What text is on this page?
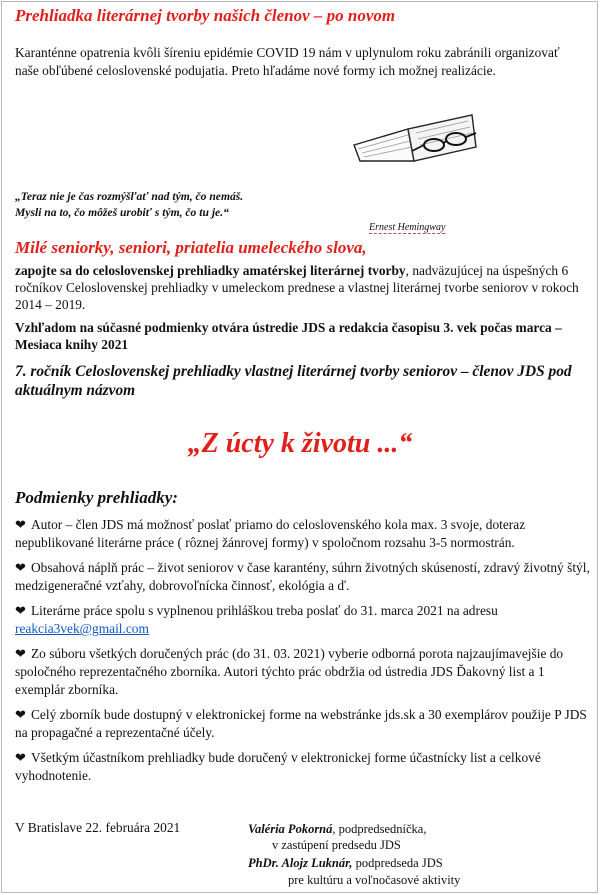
Prehliadka literárnej tvorby našich členov – po novom
Karanténne opatrenia kvôli šíreniu epidémie COVID 19 nám v uplynulom roku zabránili organizovať naše obľúbené celoslovenské podujatia. Preto hľadáme nové formy ich možnej realizácie.
„Teraz nie je čas rozmýšľať nad tým, čo nemáš.
Mysli na to, čo môžeš urobiť s tým, čo tu je.“
Ernest Hemingway
Milé seniorky, seniori, priatelia umeleckého slova,
zapojte sa do celoslovenskej prehliadky amatérskej literárnej tvorby, nadväzujúcej na úspešných 6 ročníkov Celoslovenskej prehliadky v umeleckom prednese a vlastnej literárnej tvorbe seniorov v rokoch 2014 – 2019.
Vzhľadom na súčasné podmienky otvára ústredie JDS a redakcia časopisu 3. vek počas marca – Mesiaca knihy 2021
7. ročník Celoslovenskej prehliadky vlastnej literárnej tvorby seniorov – členov JDS pod aktuálnym názvom
„Z úcty k životu ...“
Podmienky prehliadky:

❤ Autor – člen JDS má možnosť poslať priamo do celoslovenského kola max. 3 svoje, doteraz nepublikované literárne práce ( rôznej žánrovej formy) v spoločnom rozsahu 3-5 normostrán.

❤ Obsahová náplň prác – život seniorov v čase karantény, súhrn životných skúseností, zdravý životný štýl, medzigeneračné vzťahy, dobrovoľnícka činnosť, ekológia a ď.

❤ Literárne práce spolu s vyplnenou prihláškou treba poslať do 31. marca 2021 na adresu reakcia3vek@gmail.com

❤ Zo súboru všetkých doručených prác (do 31. 03. 2021) vyberie odborná porota najzaujímavejšie do spoločného reprezentačného zborníka. Autori týchto prác obdržia od ústredia JDS Ďakovný list a 1 exemplár zborníka.

❤ Celý zborník bude dostupný v elektronickej forme na webstránke jds.sk a 30 exemplárov použije P JDS na propagačné a reprezentačné účely.

❤ Všetkým účastníkom prehliadky bude doručený v elektronickej forme účastnícky list a celkové vyhodnotenie.

V Bratislave 22. februára 2021	Valéria Pokorná, podpredsedníčka,
v zastúpení predsedu JDS
PhDr. Alojz Luknár, podpredseda JDS
pre kultúru a voľnočasové aktivity
